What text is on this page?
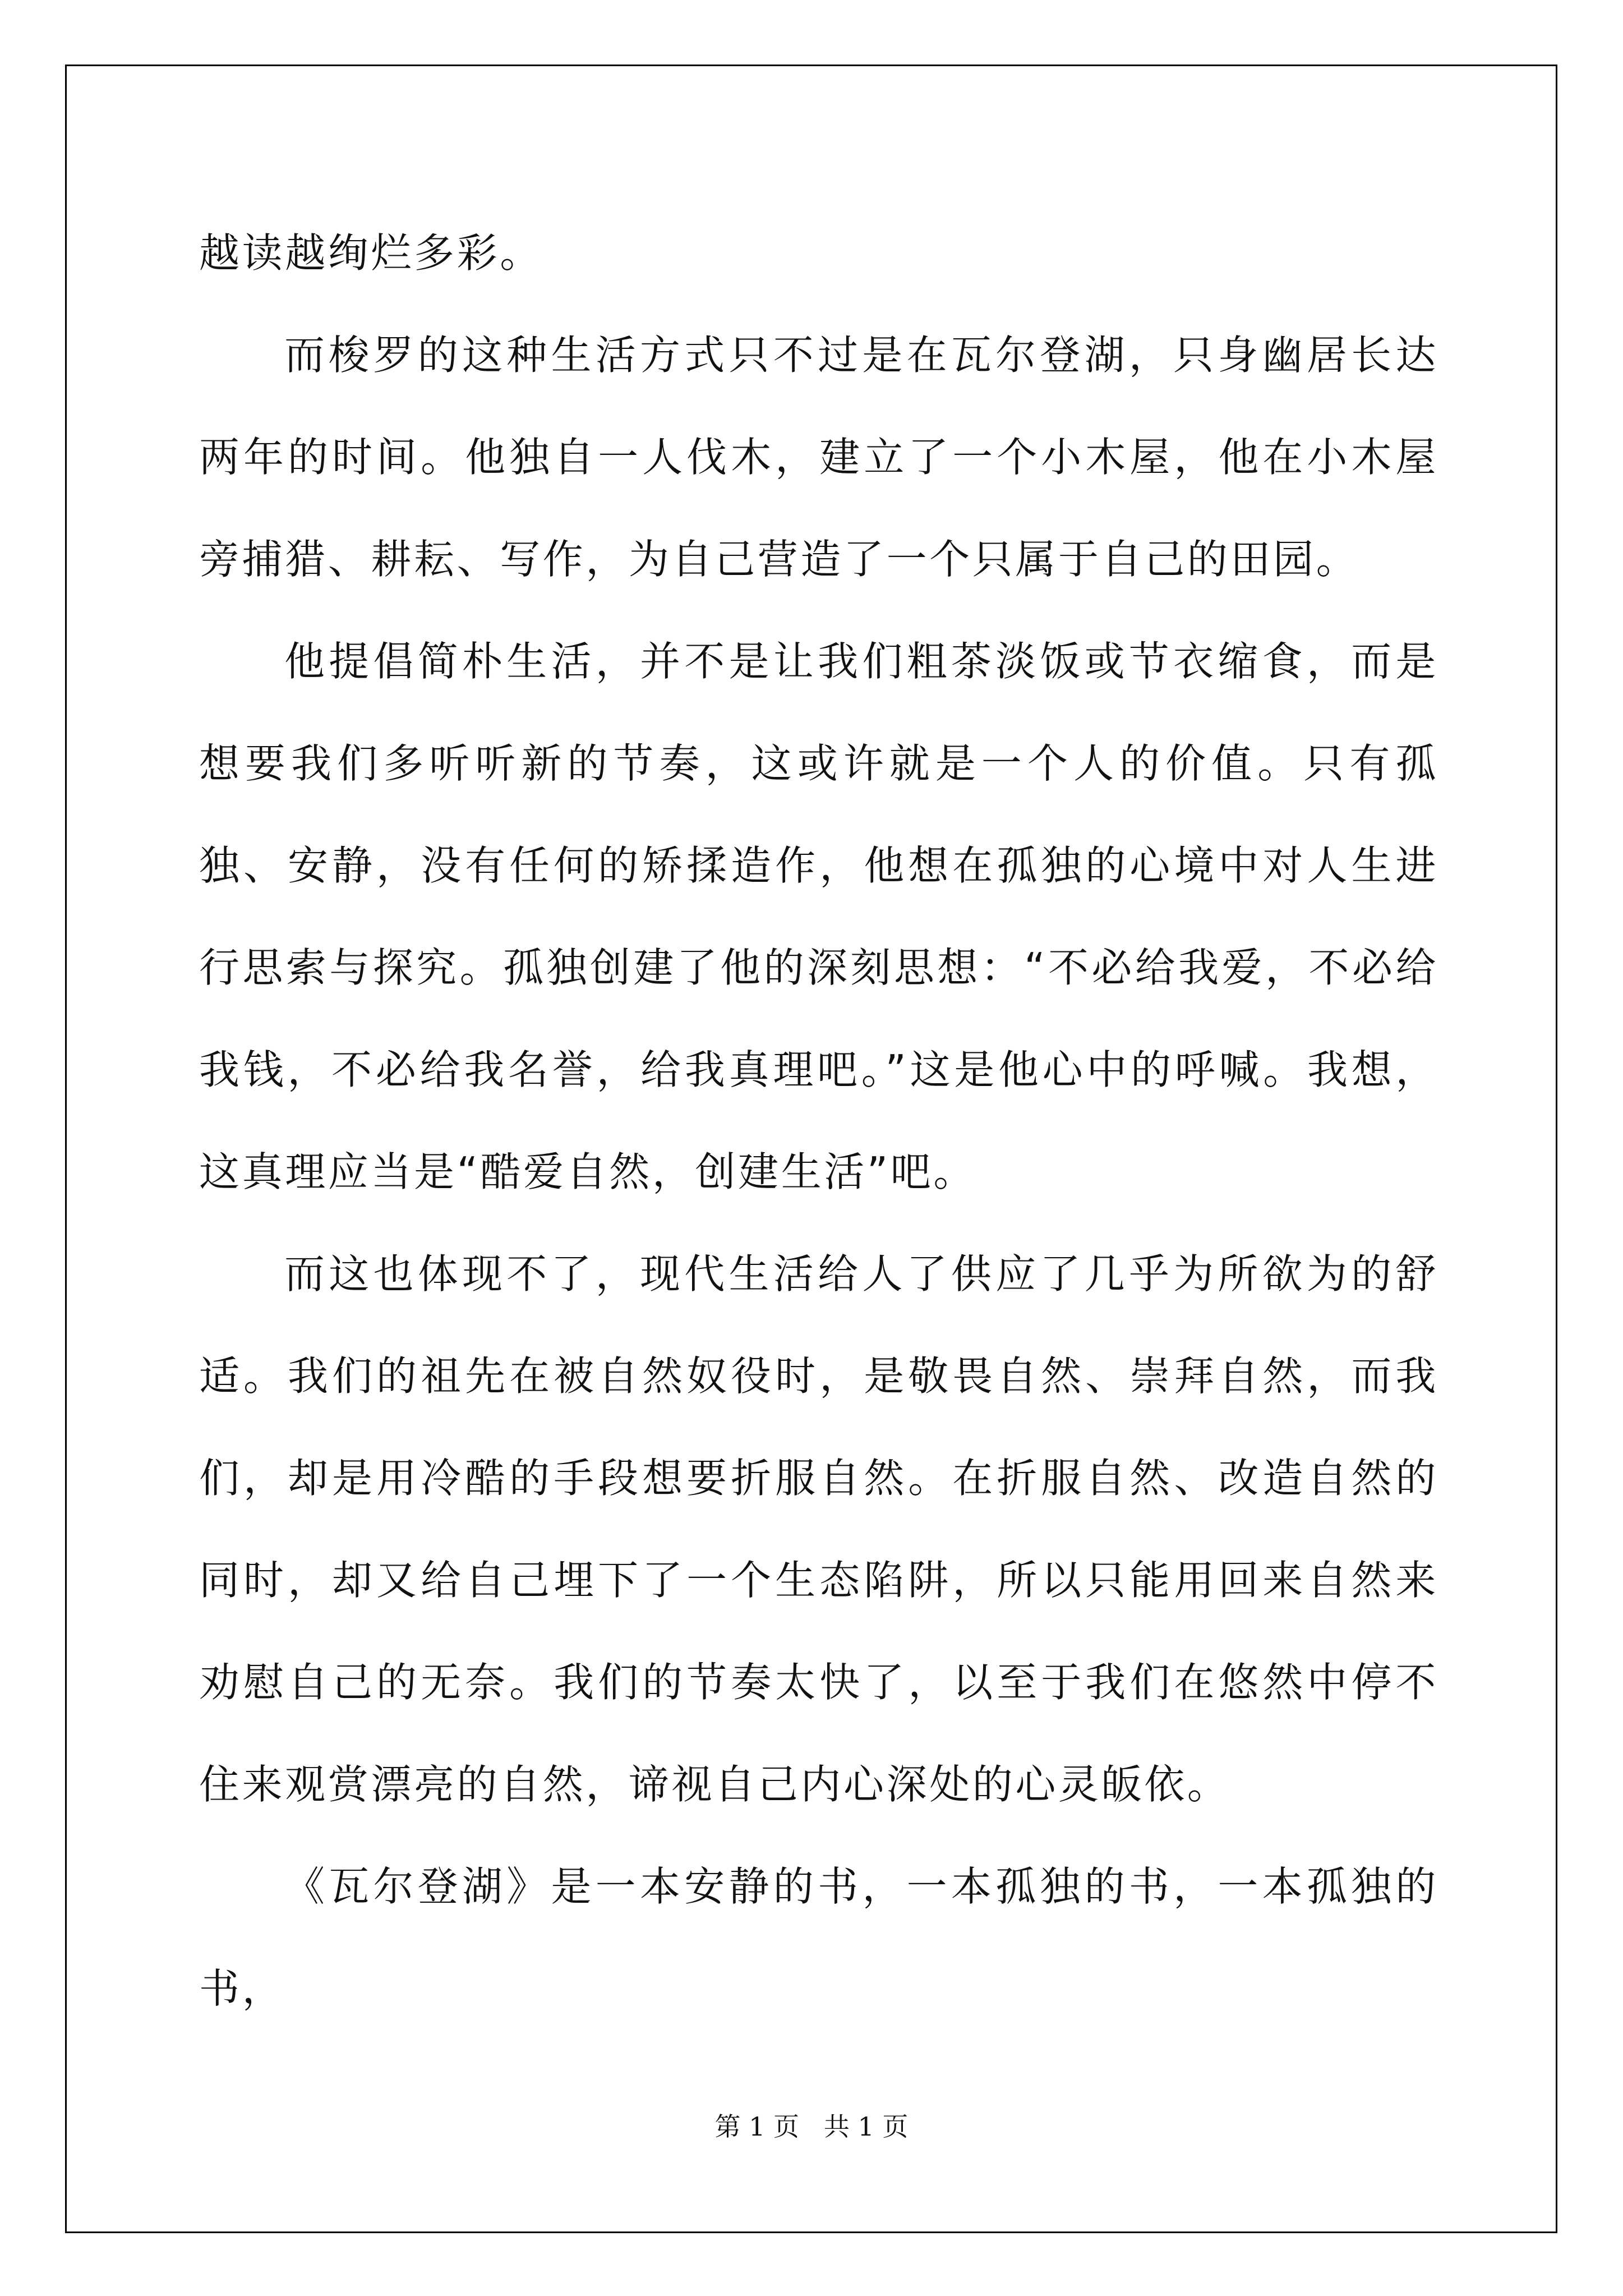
越读越绚烂多彩。

而梭罗的这种生活方式只不过是在瓦尔登湖，只身幽居长达两年的时间。他独自一人伐木，建立了一个小木屋，他在小木屋旁捕猎、耕耘、写作，为自己营造了一个只属于自己的田园。

他提倡简朴生活，并不是让我们粗茶淡饭或节衣缩食，而是想要我们多听听新的节奏，这或许就是一个人的价值。只有孤独、安静，没有任何的矫揉造作，他想在孤独的心境中对人生进行思索与探究。孤独创建了他的深刻思想：“不必给我爱，不必给我钱，不必给我名誉，给我真理吧。”这是他心中的呼喊。我想，这真理应当是“酷爱自然，创建生活”吧。

而这也体现不了，现代生活给人了供应了几乎为所欲为的舒适。我们的祖先在被自然奴役时，是敬畏自然、崇拜自然，而我们，却是用冷酷的手段想要折服自然。在折服自然、改造自然的同时，却又给自己埋下了一个生态陷阱，所以只能用回来自然来劝慰自己的无奈。我们的节奏太快了，以至于我们在悠然中停不住来观赏漂亮的自然，谛视自己内心深处的心灵皈依。

《瓦尔登湖》是一本安静的书，一本孤独的书，一本孤独的书，

第 1 页   共 1 页
